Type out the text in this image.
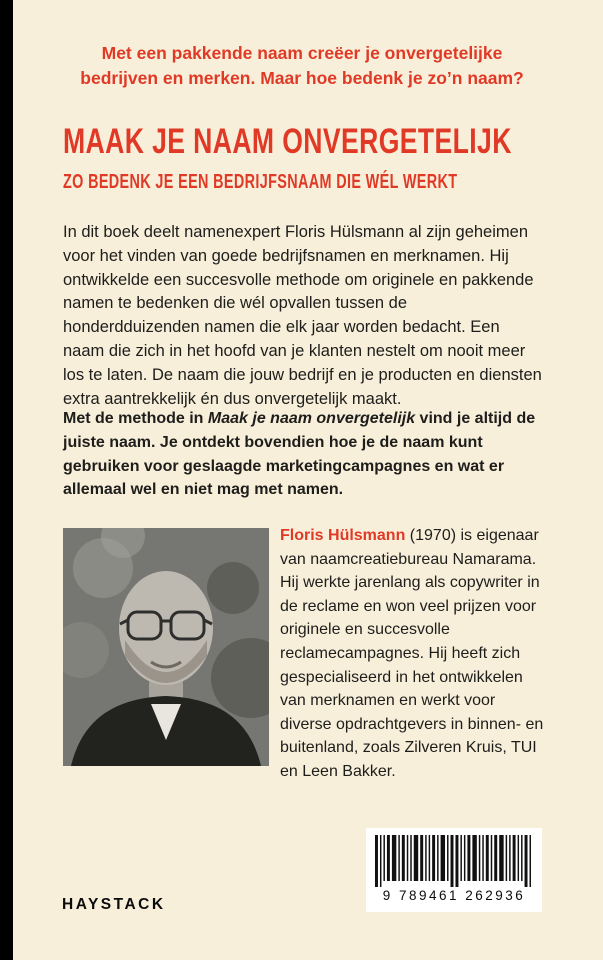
Met een pakkende naam creëer je onvergetelijke bedrijven en merken. Maar hoe bedenk je zo’n naam?

MAAK JE NAAM ONVERGETELIJK
ZO BEDENK JE EEN BEDRIJFSNAAM DIE WÉL WERKT

In dit boek deelt namenexpert Floris Hülsmann al zijn geheimen voor het vinden van goede bedrijfsnamen en merknamen. Hij ontwikkelde een succesvolle methode om originele en pakkende namen te bedenken die wél opvallen tussen de honderdduizenden namen die elk jaar worden bedacht. Een naam die zich in het hoofd van je klanten nestelt om nooit meer los te laten. De naam die jouw bedrijf en je producten en diensten extra aantrekkelijk én dus onvergetelijk maakt.

Met de methode in Maak je naam onvergetelijk vind je altijd de juiste naam. Je ontdekt bovendien hoe je de naam kunt gebruiken voor geslaagde marketingcampagnes en wat er allemaal wel en niet mag met namen.

Floris Hülsmann (1970) is eigenaar van naamcreatiebureau Namarama. Hij werkte jarenlang als copywriter in de reclame en won veel prijzen voor originele en succesvolle reclamecampagnes. Hij heeft zich gespecialiseerd in het ontwikkelen van merknamen en werkt voor diverse opdrachtgevers in binnen- en buitenland, zoals Zilveren Kruis, TUI en Leen Bakker.

HAYSTACK
9 789461 262936
